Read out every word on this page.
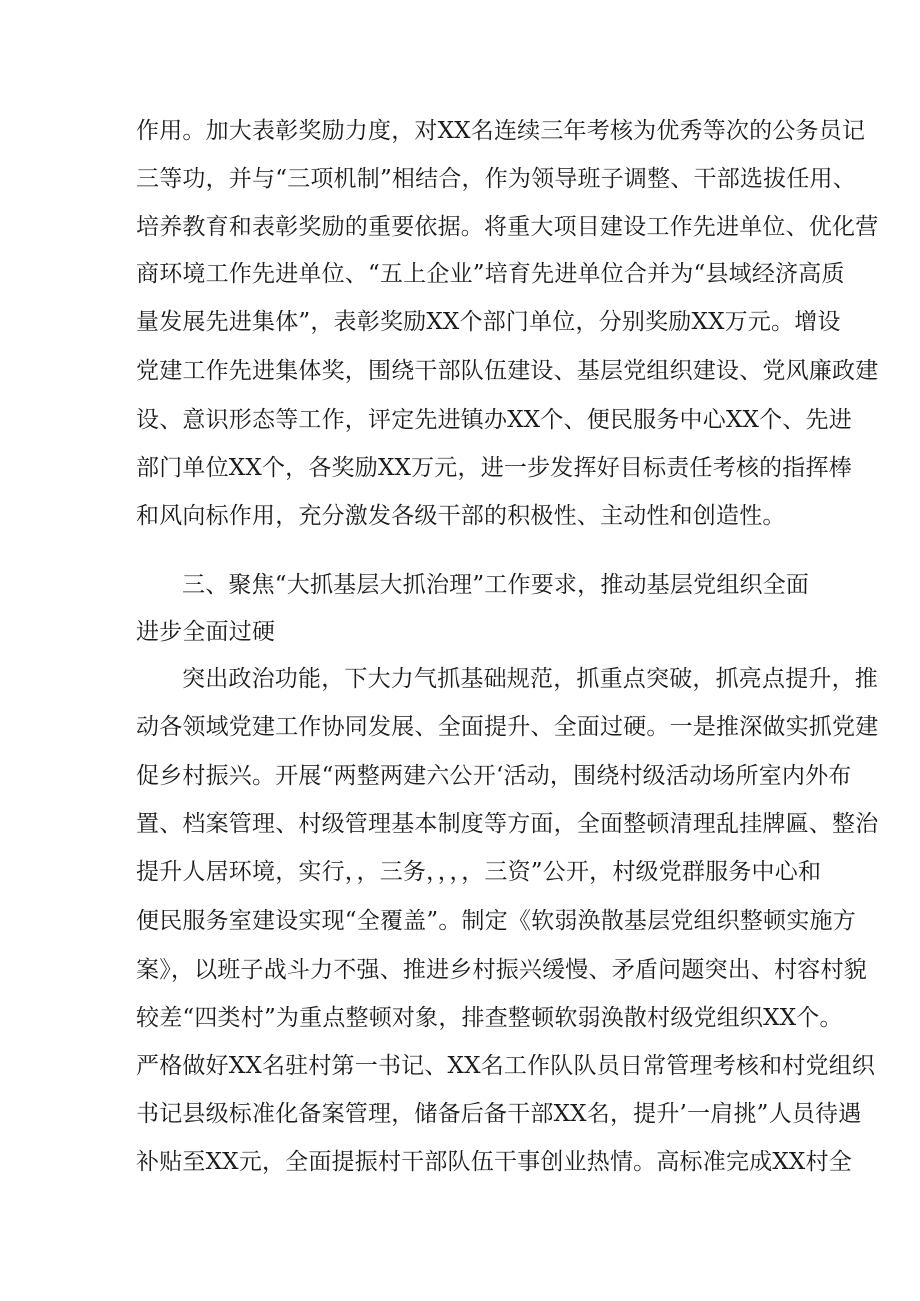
作用。加大表彰奖励力度，对XX名连续三年考核为优秀等次的公务员记
三等功，并与“三项机制”相结合，作为领导班子调整、干部选拔任用、
培养教育和表彰奖励的重要依据。将重大项目建设工作先进单位、优化营
商环境工作先进单位、“五上企业”培育先进单位合并为“县域经济高质
量发展先进集体”，表彰奖励XX个部门单位，分别奖励XX万元。增设
党建工作先进集体奖，围绕干部队伍建设、基层党组织建设、党风廉政建
设、意识形态等工作，评定先进镇办XX个、便民服务中心XX个、先进
部门单位XX个，各奖励XX万元，进一步发挥好目标责任考核的指挥棒
和风向标作用，充分激发各级干部的积极性、主动性和创造性。
三、聚焦“大抓基层大抓治理”工作要求，推动基层党组织全面
进步全面过硬
突出政治功能，下大力气抓基础规范，抓重点突破，抓亮点提升，推
动各领域党建工作协同发展、全面提升、全面过硬。一是推深做实抓党建
促乡村振兴。开展“两整两建六公开‘活动，围绕村级活动场所室内外布
置、档案管理、村级管理基本制度等方面，全面整顿清理乱挂牌匾、整治
提升人居环境，实行，，三务，，，，三资”公开，村级党群服务中心和
便民服务室建设实现“全覆盖”。制定《软弱涣散基层党组织整顿实施方
案》，以班子战斗力不强、推进乡村振兴缓慢、矛盾问题突出、村容村貌
较差“四类村”为重点整顿对象，排查整顿软弱涣散村级党组织XX个。
严格做好XX名驻村第一书记、XX名工作队队员日常管理考核和村党组织
书记县级标准化备案管理，储备后备干部XX名，提升’一肩挑”人员待遇
补贴至XX元，全面提振村干部队伍干事创业热情。高标准完成XX村全
